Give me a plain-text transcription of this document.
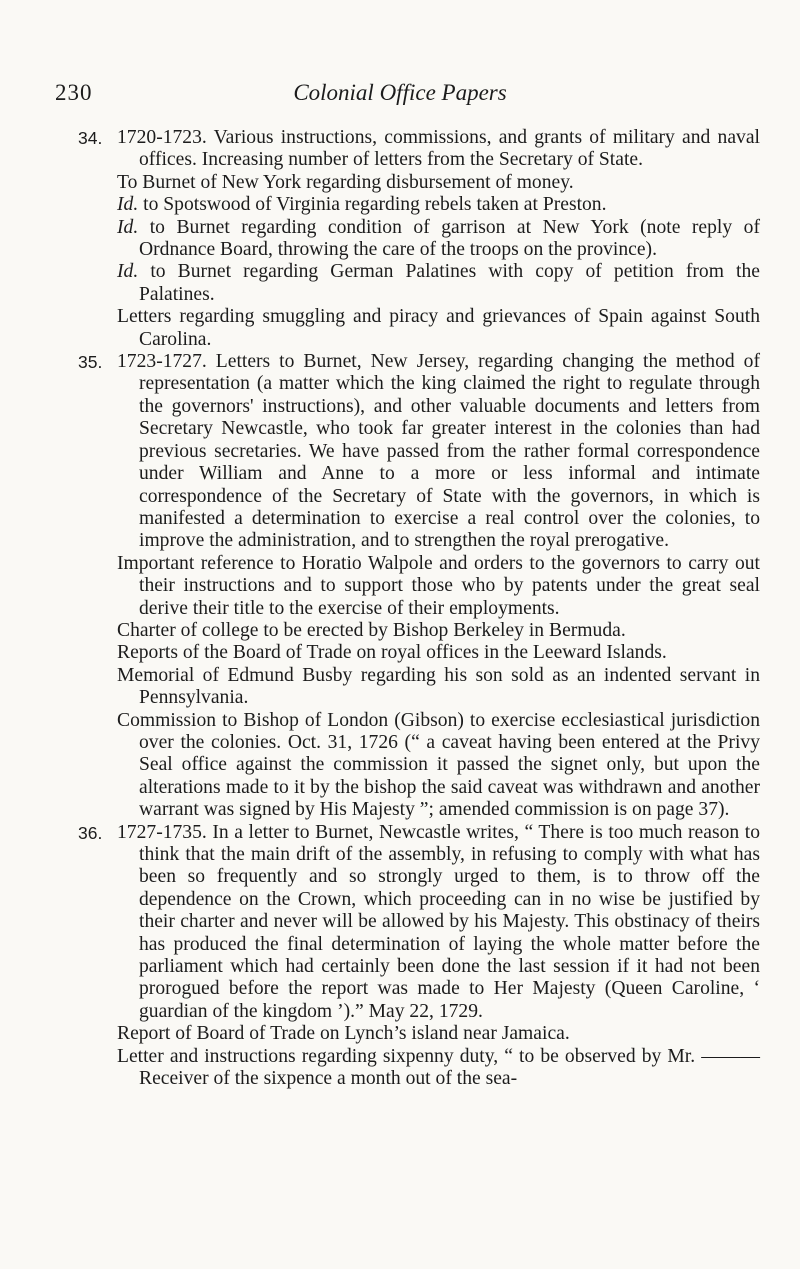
230	Colonial Office Papers
34. 1720-1723. Various instructions, commissions, and grants of military and naval offices. Increasing number of letters from the Secretary of State.

To Burnet of New York regarding disbursement of money.

Id. to Spotswood of Virginia regarding rebels taken at Preston.

Id. to Burnet regarding condition of garrison at New York (note reply of Ordnance Board, throwing the care of the troops on the province).

Id. to Burnet regarding German Palatines with copy of petition from the Palatines.

Letters regarding smuggling and piracy and grievances of Spain against South Carolina.

35. 1723-1727. Letters to Burnet, New Jersey, regarding changing the method of representation (a matter which the king claimed the right to regulate through the governors' instructions), and other valuable documents and letters from Secretary Newcastle, who took far greater interest in the colonies than had previous secretaries. We have passed from the rather formal correspondence under William and Anne to a more or less informal and intimate correspondence of the Secretary of State with the governors, in which is manifested a determination to exercise a real control over the colonies, to improve the administration, and to strengthen the royal prerogative.

Important reference to Horatio Walpole and orders to the governors to carry out their instructions and to support those who by patents under the great seal derive their title to the exercise of their employments.

Charter of college to be erected by Bishop Berkeley in Bermuda.

Reports of the Board of Trade on royal offices in the Leeward Islands.

Memorial of Edmund Busby regarding his son sold as an indented servant in Pennsylvania.

Commission to Bishop of London (Gibson) to exercise ecclesiastical jurisdiction over the colonies. Oct. 31, 1726 (“ a caveat having been entered at the Privy Seal office against the commission it passed the signet only, but upon the alterations made to it by the bishop the said caveat was withdrawn and another warrant was signed by His Majesty ”; amended commission is on page 37).

36. 1727-1735. In a letter to Burnet, Newcastle writes, “ There is too much reason to think that the main drift of the assembly, in refusing to comply with what has been so frequently and so strongly urged to them, is to throw off the dependence on the Crown, which proceeding can in no wise be justified by their charter and never will be allowed by his Majesty. This obstinacy of theirs has produced the final determination of laying the whole matter before the parliament which had certainly been done the last session if it had not been prorogued before the report was made to Her Majesty (Queen Caroline, ‘ guardian of the kingdom ’).” May 22, 1729.

Report of Board of Trade on Lynch’s island near Jamaica.

Letter and instructions regarding sixpenny duty, “ to be observed by Mr. ——— Receiver of the sixpence a month out of the sea-
